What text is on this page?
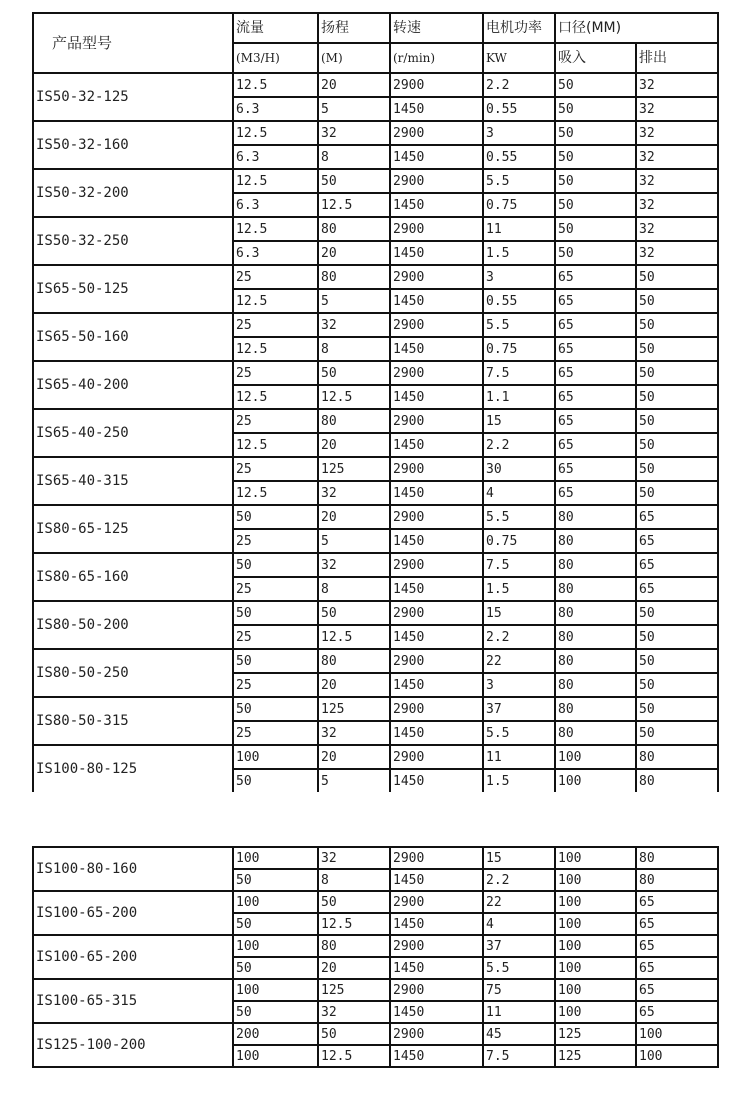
产品型号	流量	扬程	转速	电机功率	口径(MM)	
	(M3/H)	(M)	(r/min)	KW	吸入	排出
IS50-32-125	12.5	20	2900	2.2	50	32
	6.3	5	1450	0.55	50	32
IS50-32-160	12.5	32	2900	3	50	32
	6.3	8	1450	0.55	50	32
IS50-32-200	12.5	50	2900	5.5	50	32
	6.3	12.5	1450	0.75	50	32
IS50-32-250	12.5	80	2900	11	50	32
	6.3	20	1450	1.5	50	32
IS65-50-125	25	80	2900	3	65	50
	12.5	5	1450	0.55	65	50
IS65-50-160	25	32	2900	5.5	65	50
	12.5	8	1450	0.75	65	50
IS65-40-200	25	50	2900	7.5	65	50
	12.5	12.5	1450	1.1	65	50
IS65-40-250	25	80	2900	15	65	50
	12.5	20	1450	2.2	65	50
IS65-40-315	25	125	2900	30	65	50
	12.5	32	1450	4	65	50
IS80-65-125	50	20	2900	5.5	80	65
	25	5	1450	0.75	80	65
IS80-65-160	50	32	2900	7.5	80	65
	25	8	1450	1.5	80	65
IS80-50-200	50	50	2900	15	80	50
	25	12.5	1450	2.2	80	50
IS80-50-250	50	80	2900	22	80	50
	25	20	1450	3	80	50
IS80-50-315	50	125	2900	37	80	50
	25	32	1450	5.5	80	50
IS100-80-125	100	20	2900	11	100	80
	50	5	1450	1.5	100	80
IS100-80-160	100	32	2900	15	100	80
	50	8	1450	2.2	100	80
IS100-65-200	100	50	2900	22	100	65
	50	12.5	1450	4	100	65
IS100-65-200	100	80	2900	37	100	65
	50	20	1450	5.5	100	65
IS100-65-315	100	125	2900	75	100	65
	50	32	1450	11	100	65
IS125-100-200	200	50	2900	45	125	100
	100	12.5	1450	7.5	125	100
